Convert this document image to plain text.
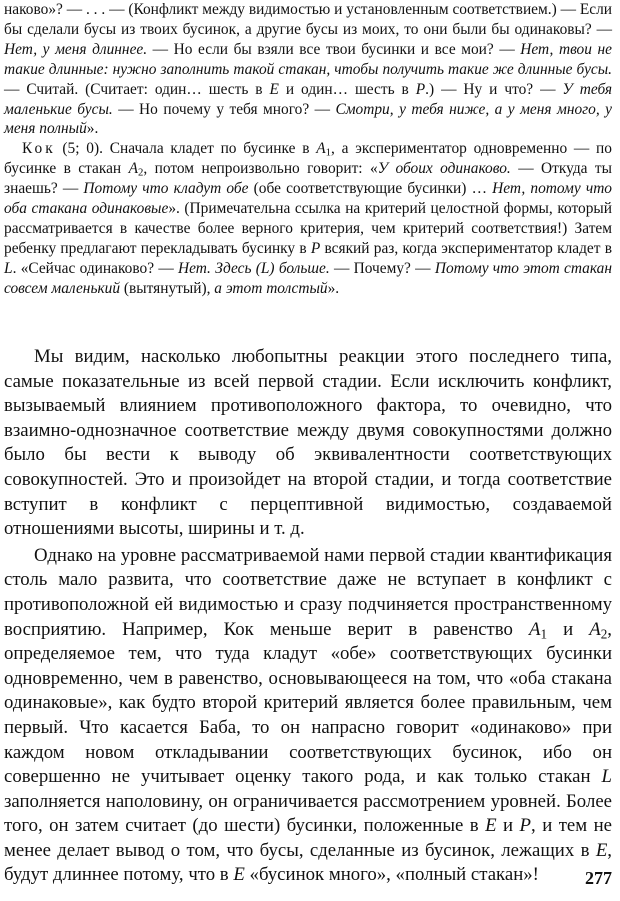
наково»? — . . . — (Конфликт между видимостью и установленным соответствием.) — Если бы сделали бусы из твоих бусинок, а другие бусы из моих, то они были бы одинаковы? — Нет, у меня длиннее. — Но если бы взяли все твои бусинки и все мои? — Нет, твои не такие длинные: нужно заполнить такой стакан, чтобы получить такие же длинные бусы. — Считай. (Считает: один… шесть в E и один… шесть в P.) — Ну и что? — У тебя маленькие бусы. — Но почему у тебя много? — Смотри, у тебя ниже, а у меня много, у меня полный».

Кок (5; 0). Сначала кладет по бусинке в $A_1$, а экспериментатор одновременно — по бусинке в стакан $A_2$, потом непроизвольно говорит: «У обоих одинаково. — Откуда ты знаешь? — Потому что кладут обе (обе соответствующие бусинки) … Нет, потому что оба стакана одинаковые». (Примечательна ссылка на критерий целостной формы, который рассматривается в качестве более верного критерия, чем критерий соответствия!) Затем ребенку предлагают перекладывать бусинку в P всякий раз, когда экспериментатор кладет в L. «Сейчас одинаково? — Нет. Здесь (L) больше. — Почему? — Потому что этот стакан совсем маленький (вытянутый), а этот толстый».

Мы видим, насколько любопытны реакции этого последнего типа, самые показательные из всей первой стадии. Если исключить конфликт, вызываемый влиянием противоположного фактора, то очевидно, что взаимно-однозначное соответствие между двумя совокупностями должно было бы вести к выводу об эквивалентности соответствующих совокупностей. Это и произойдет на второй стадии, и тогда соответствие вступит в конфликт с перцептивной видимостью, создаваемой отношениями высоты, ширины и т. д.

Однако на уровне рассматриваемой нами первой стадии квантификация столь мало развита, что соответствие даже не вступает в конфликт с противоположной ей видимостью и сразу подчиняется пространственному восприятию. Например, Кок меньше верит в равенство $A_1$ и $A_2$, определяемое тем, что туда кладут «обе» соответствующих бусинки одновременно, чем в равенство, основывающееся на том, что «оба стакана одинаковые», как будто второй критерий является более правильным, чем первый. Что касается Баба, то он напрасно говорит «одинаково» при каждом новом откладывании соответствующих бусинок, ибо он совершенно не учитывает оценку такого рода, и как только стакан L заполняется наполовину, он ограничивается рассмотрением уровней. Более того, он затем считает (до шести) бусинки, положенные в E и P, и тем не менее делает вывод о том, что бусы, сделанные из бусинок, лежащих в E, будут длиннее потому, что в E «бусинок много», «полный стакан»!	277
